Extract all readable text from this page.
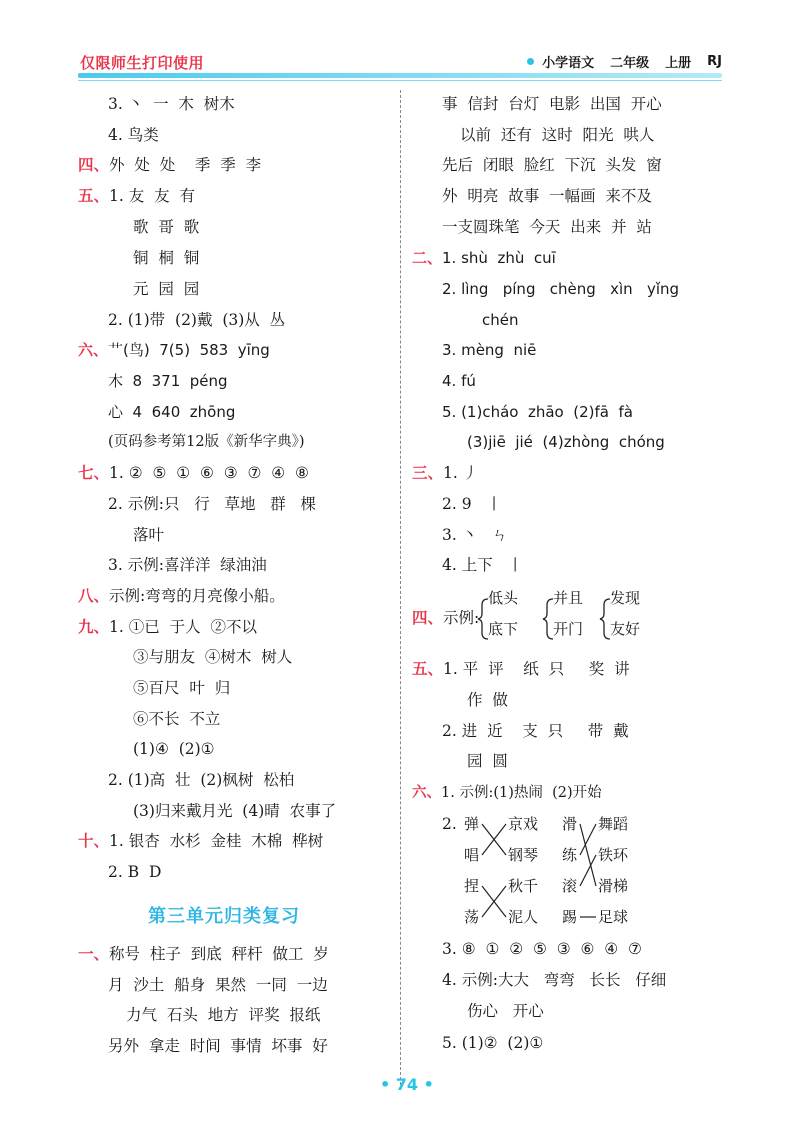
仅限师生打印使用	小学语文 二年级 上册 RJ
3. 丶  一  木  树木
4. 鸟类
四、外  处  处    季  季  李
五、1. 友  友  有
歌  哥  歌
铜  桐  铜
元  园  园
2. (1)带  (2)戴  (3)从  丛
六、艹(鸟)  7(5)  583  yīng
木  8  371  péng
心  4  640  zhōng
(页码参考第12版《新华字典》)
七、1. ②  ⑤  ①  ⑥  ③  ⑦  ④  ⑧
2. 示例:只   行   草地   群   棵
落叶
3. 示例:喜洋洋  绿油油
八、示例:弯弯的月亮像小船。
九、1. ①已  于人  ②不以
③与朋友  ④树木  树人
⑤百尺  叶  归
⑥不长  不立
(1)④  (2)①
2. (1)高  壮  (2)枫树  松柏
(3)归来戴月光  (4)晴  农事了
十、1. 银杏  水杉  金桂  木棉  桦树
2. B  D
一、称号  柱子  到底  秤杆  做工  岁
月  沙土  船身  果然  一同  一边
力气  石头  地方  评奖  报纸
另外  拿走  时间  事情  坏事  好
第三单元归类复习
事  信封  台灯  电影  出国  开心
以前  还有  这时  阳光  哄人
先后  闭眼  脸红  下沉  头发  窗
外  明亮  故事  一幅画  来不及
一支圆珠笔  今天  出来  并  站
二、1. shù  zhù  cuī
2. lìng   píng   chèng   xìn   yǐng
chén
3. mèng  niē
4. fú
5. (1)cháo  zhāo  (2)fā  fà
(3)jiē  jié  (4)zhòng  chóng
三、1. 丿
2. 9   丨
3. 丶   ㄣ
4. 上下   丨
四、示例:
低头
底下
并且
开门
发现
友好
五、1. 平  评    纸  只     奖  讲
作  做
2. 进  近    支  只     带  戴
园  圆
六、1. 示例:(1)热闹  (2)开始
2. 弹
唱
京戏
钢琴
捏
荡
秋千
泥人
滑
练
滚
踢
舞蹈
铁环
滑梯
足球
3. ⑧  ①  ②  ⑤  ③  ⑥  ④  ⑦
4. 示例:大大   弯弯   长长   仔细
伤心   开心
5. (1)②  (2)①
• 74 •
